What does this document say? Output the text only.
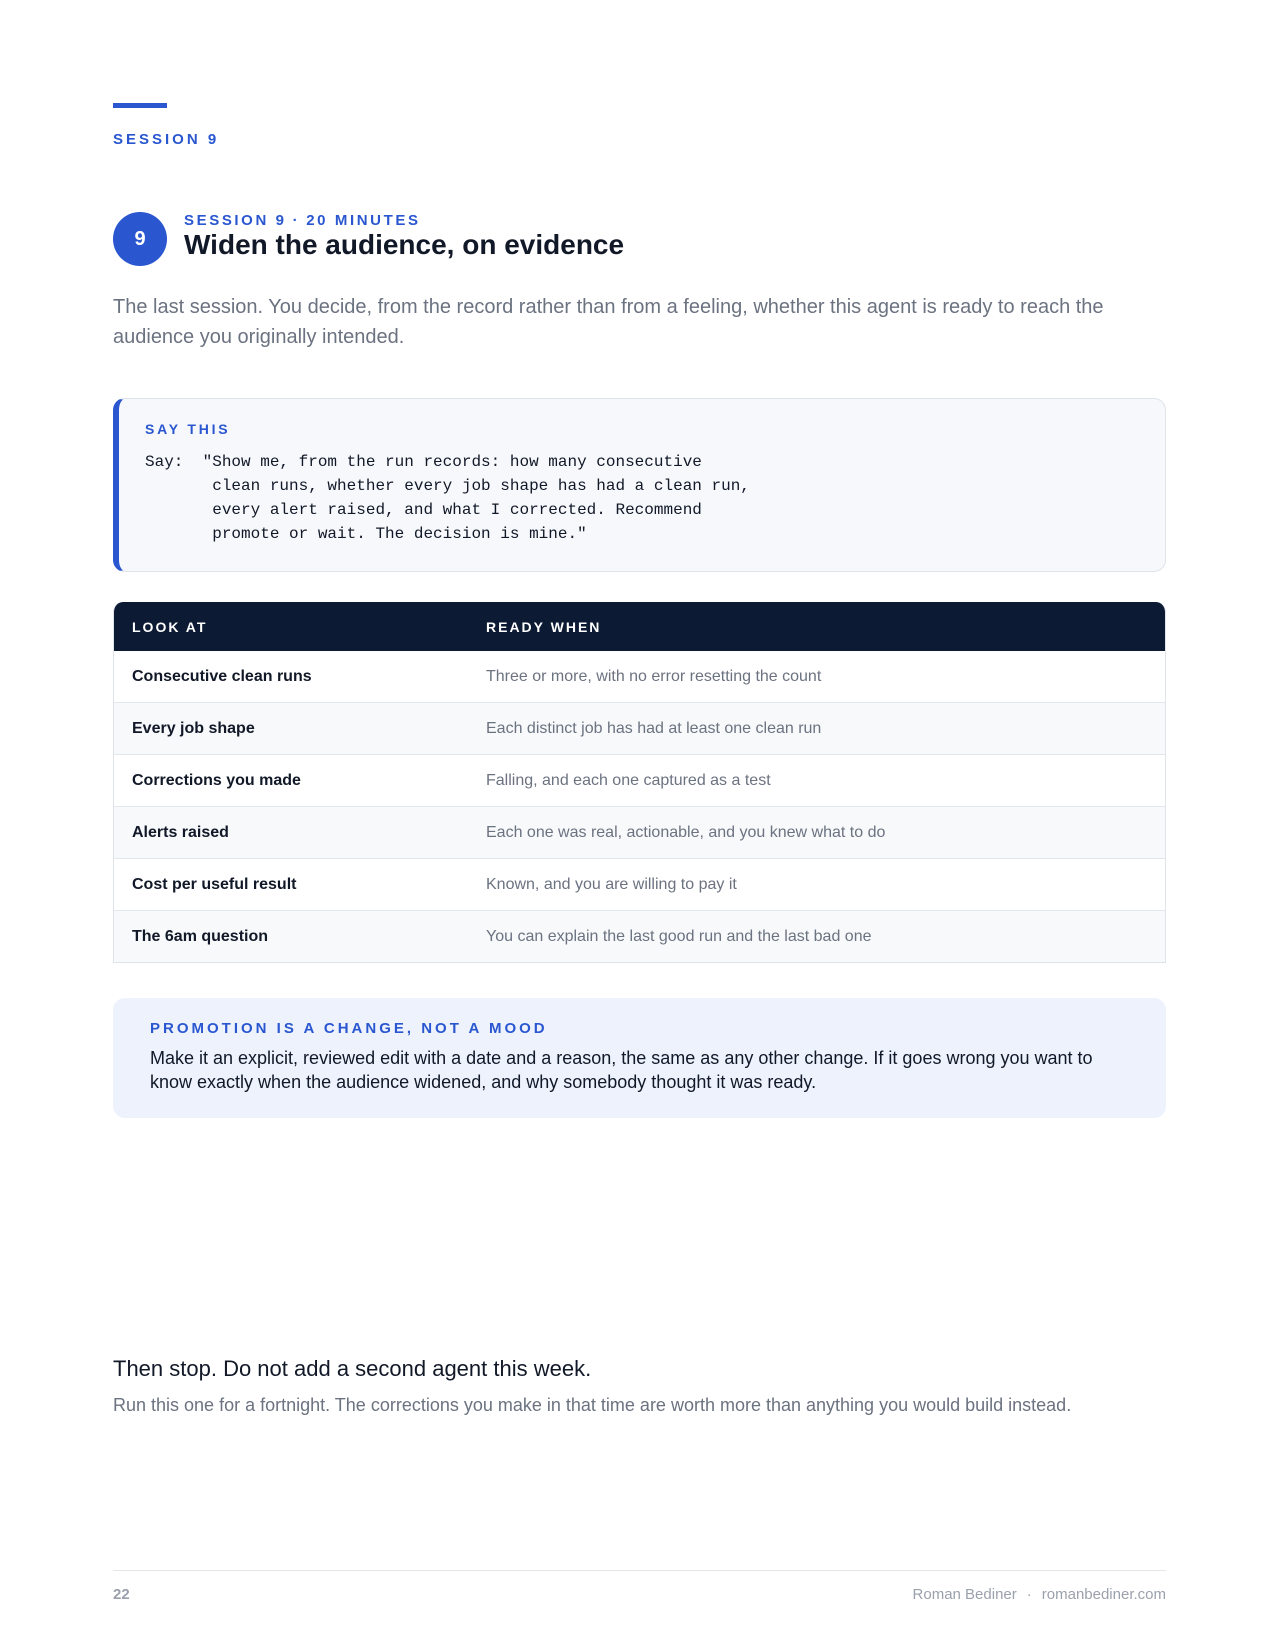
SESSION 9
9
SESSION 9 · 20 MINUTES
Widen the audience, on evidence

The last session. You decide, from the record rather than from a feeling, whether this agent is ready to reach the audience you originally intended.

SAY THIS
Say:  "Show me, from the run records: how many consecutive
clean runs, whether every job shape has had a clean run,
every alert raised, and what I corrected. Recommend
promote or wait. The decision is mine."
LOOK AT	READY WHEN
Consecutive clean runs	Three or more, with no error resetting the count
Every job shape	Each distinct job has had at least one clean run
Corrections you made	Falling, and each one captured as a test
Alerts raised	Each one was real, actionable, and you knew what to do
Cost per useful result	Known, and you are willing to pay it
The 6am question	You can explain the last good run and the last bad one
PROMOTION IS A CHANGE, NOT A MOOD

Make it an explicit, reviewed edit with a date and a reason, the same as any other change. If it goes wrong you want to know exactly when the audience widened, and why somebody thought it was ready.

Then stop. Do not add a second agent this week.

Run this one for a fortnight. The corrections you make in that time are worth more than anything you would build instead.

22	Roman Bediner · romanbediner.com
